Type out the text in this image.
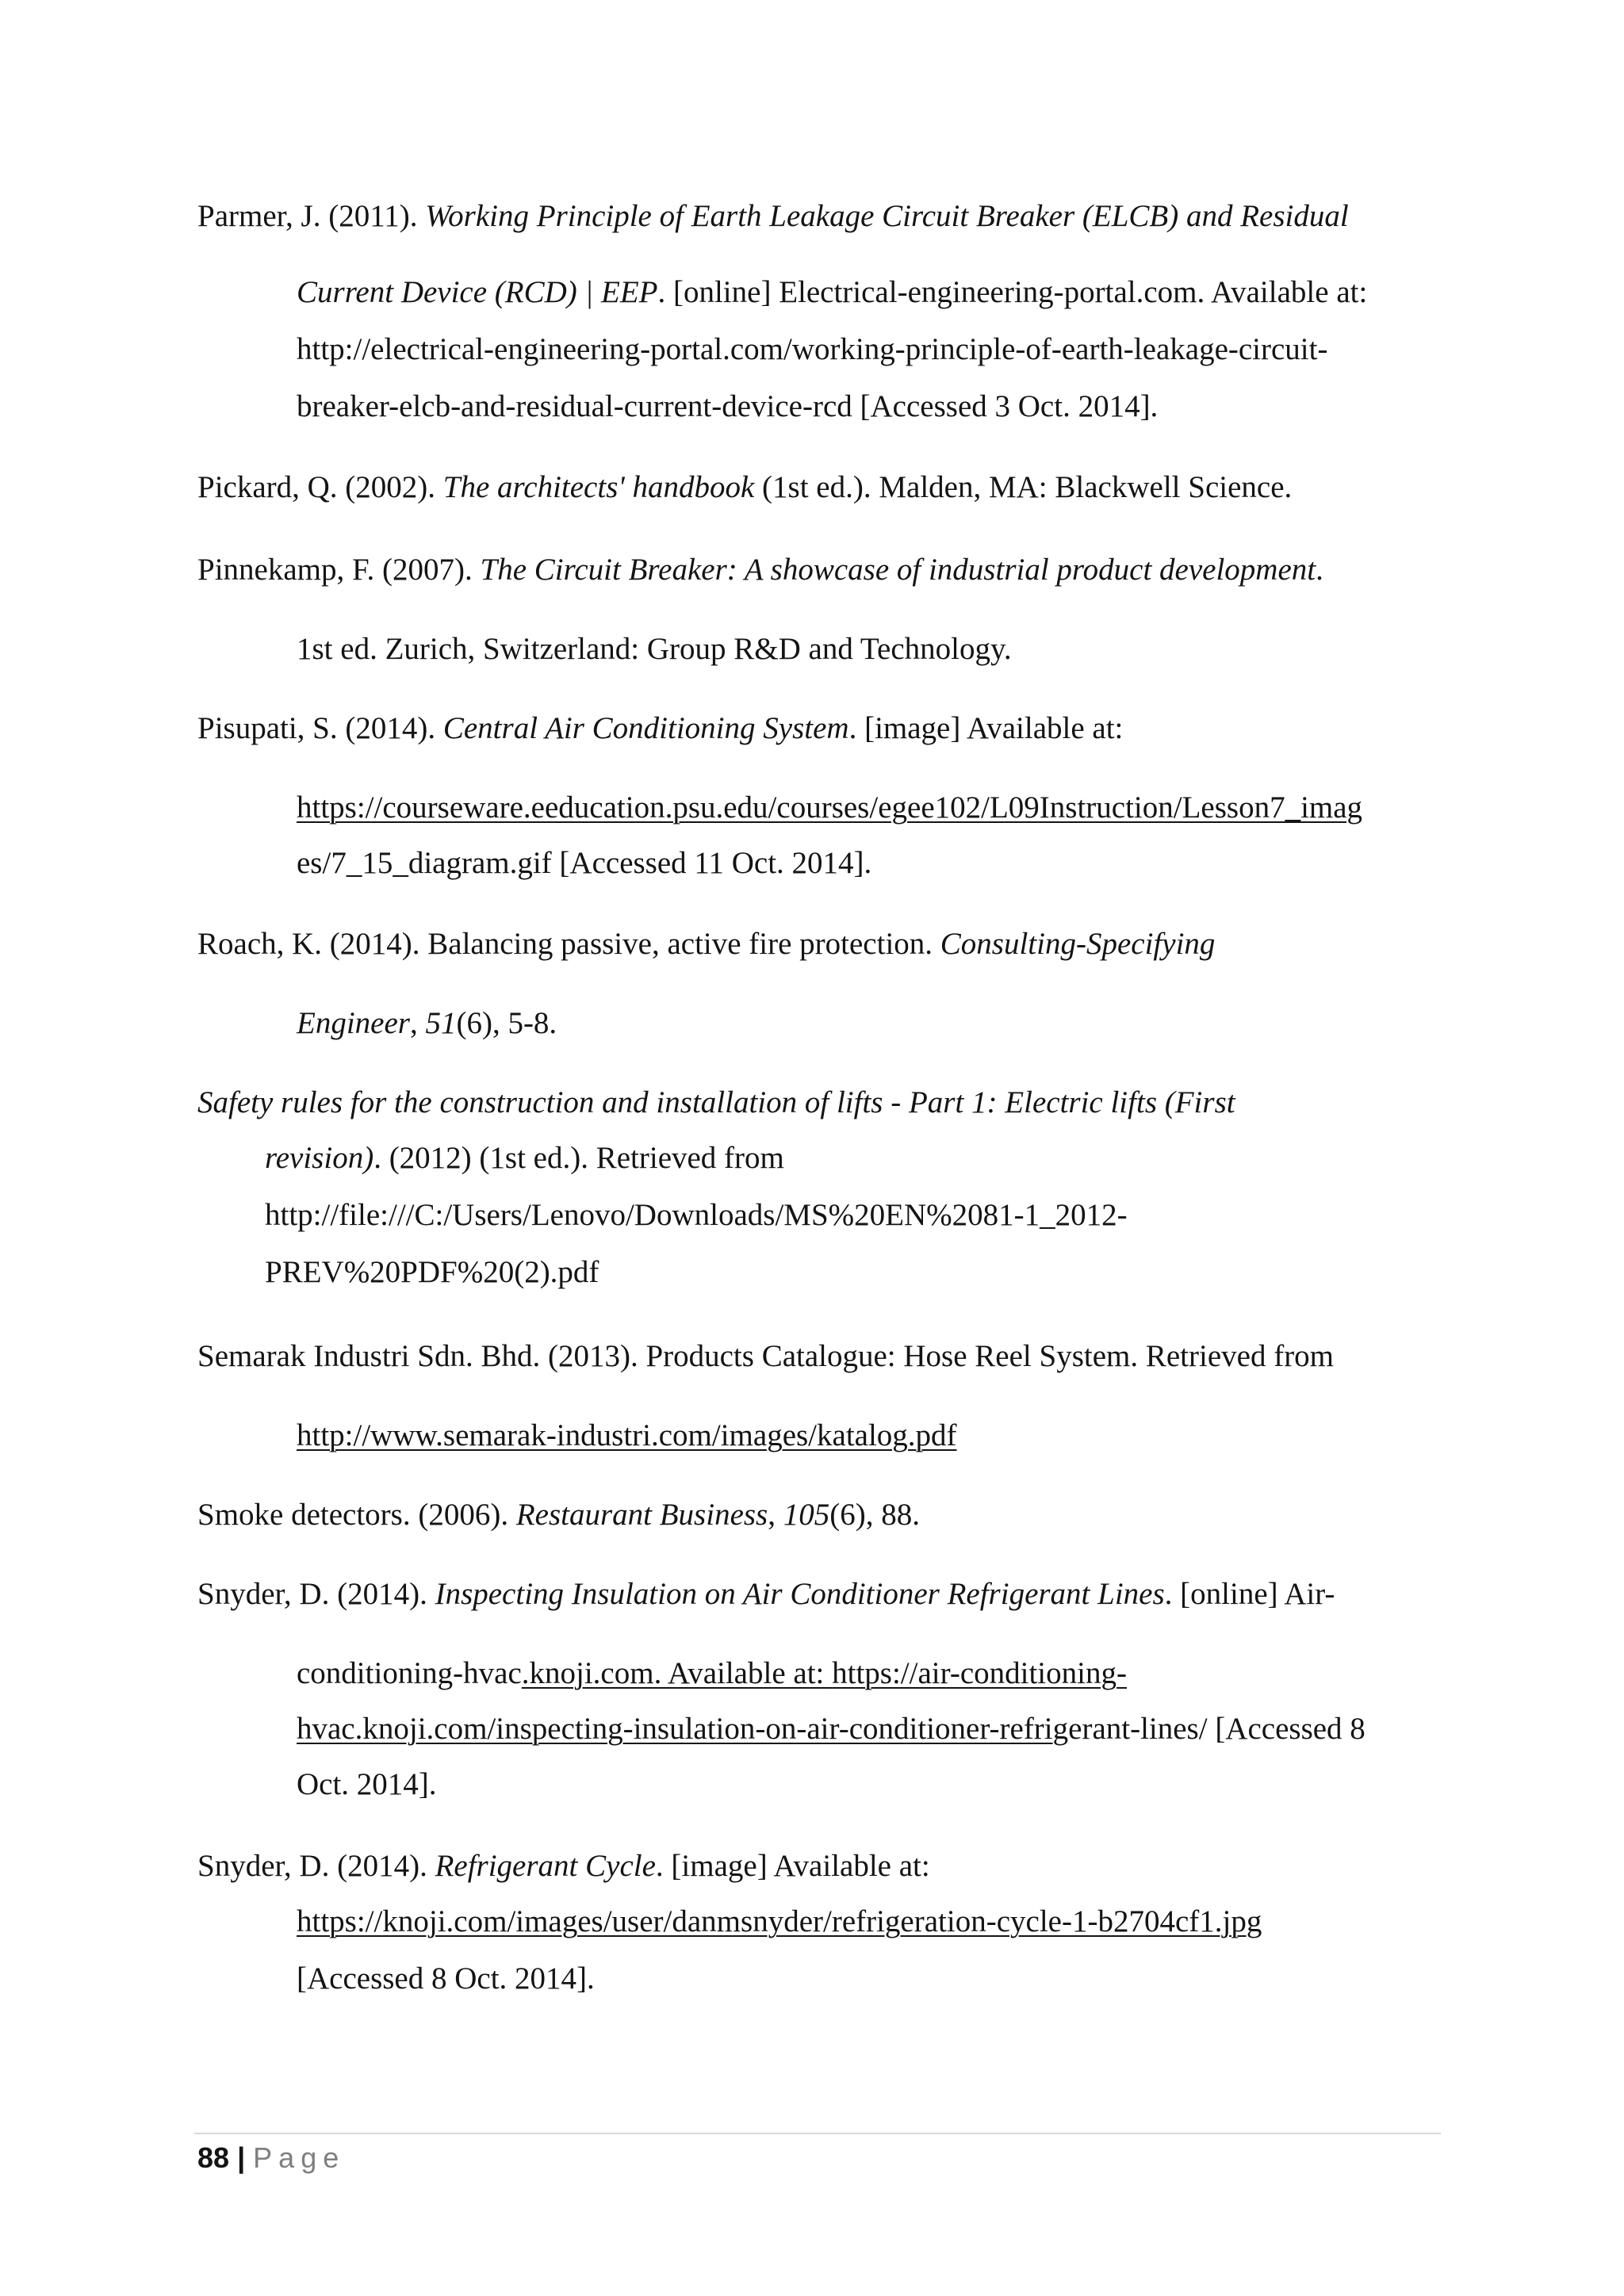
Parmer, J. (2011). Working Principle of Earth Leakage Circuit Breaker (ELCB) and Residual
Current Device (RCD) | EEP. [online] Electrical-engineering-portal.com. Available at:
http://electrical-engineering-portal.com/working-principle-of-earth-leakage-circuit-
breaker-elcb-and-residual-current-device-rcd [Accessed 3 Oct. 2014].
Pickard, Q. (2002). The architects' handbook (1st ed.). Malden, MA: Blackwell Science.
Pinnekamp, F. (2007). The Circuit Breaker: A showcase of industrial product development.
1st ed. Zurich, Switzerland: Group R&D and Technology.
Pisupati, S. (2014). Central Air Conditioning System. [image] Available at:
https://courseware.eeducation.psu.edu/courses/egee102/L09Instruction/Lesson7_imag
es/7_15_diagram.gif [Accessed 11 Oct. 2014].
Roach, K. (2014). Balancing passive, active fire protection. Consulting-Specifying
Engineer, 51(6), 5-8.
Safety rules for the construction and installation of lifts - Part 1: Electric lifts (First
revision). (2012) (1st ed.). Retrieved from
http://file:///C:/Users/Lenovo/Downloads/MS%20EN%2081-1_2012-
PREV%20PDF%20(2).pdf
Semarak Industri Sdn. Bhd. (2013). Products Catalogue: Hose Reel System. Retrieved from
http://www.semarak-industri.com/images/katalog.pdf
Smoke detectors. (2006). Restaurant Business, 105(6), 88.
Snyder, D. (2014). Inspecting Insulation on Air Conditioner Refrigerant Lines. [online] Air-
conditioning-hvac.knoji.com. Available at: https://air-conditioning-
hvac.knoji.com/inspecting-insulation-on-air-conditioner-refrigerant-lines/ [Accessed 8
Oct. 2014].
Snyder, D. (2014). Refrigerant Cycle. [image] Available at:
https://knoji.com/images/user/danmsnyder/refrigeration-cycle-1-b2704cf1.jpg
[Accessed 8 Oct. 2014].
88 | Page
